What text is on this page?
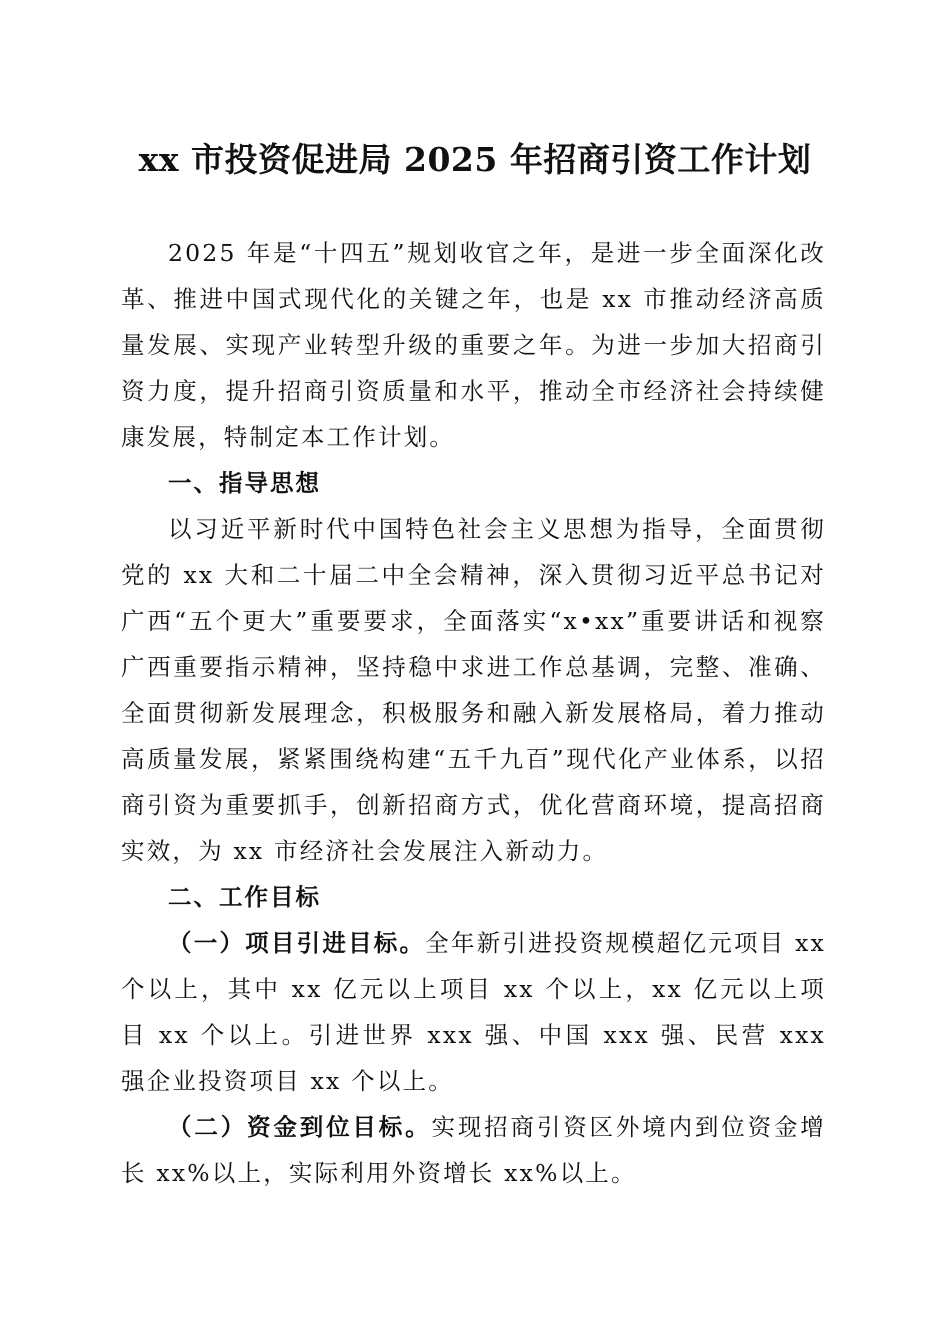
xx 市投资促进局 2025 年招商引资工作计划

2025 年是“十四五”规划收官之年，是进一步全面深化改革、推进中国式现代化的关键之年，也是 xx 市推动经济高质量发展、实现产业转型升级的重要之年。为进一步加大招商引资力度，提升招商引资质量和水平，推动全市经济社会持续健康发展，特制定本工作计划。

一、指导思想

以习近平新时代中国特色社会主义思想为指导，全面贯彻党的 xx 大和二十届二中全会精神，深入贯彻习近平总书记对广西“五个更大”重要要求，全面落实“x•xx”重要讲话和视察广西重要指示精神，坚持稳中求进工作总基调，完整、准确、全面贯彻新发展理念，积极服务和融入新发展格局，着力推动高质量发展，紧紧围绕构建“五千九百”现代化产业体系，以招商引资为重要抓手，创新招商方式，优化营商环境，提高招商实效，为 xx 市经济社会发展注入新动力。

二、工作目标

（一）项目引进目标。全年新引进投资规模超亿元项目 xx 个以上，其中 xx 亿元以上项目 xx 个以上，xx 亿元以上项目 xx 个以上。引进世界 xxx 强、中国 xxx 强、民营 xxx 强企业投资项目 xx 个以上。

（二）资金到位目标。实现招商引资区外境内到位资金增长 xx%以上，实际利用外资增长 xx%以上。
